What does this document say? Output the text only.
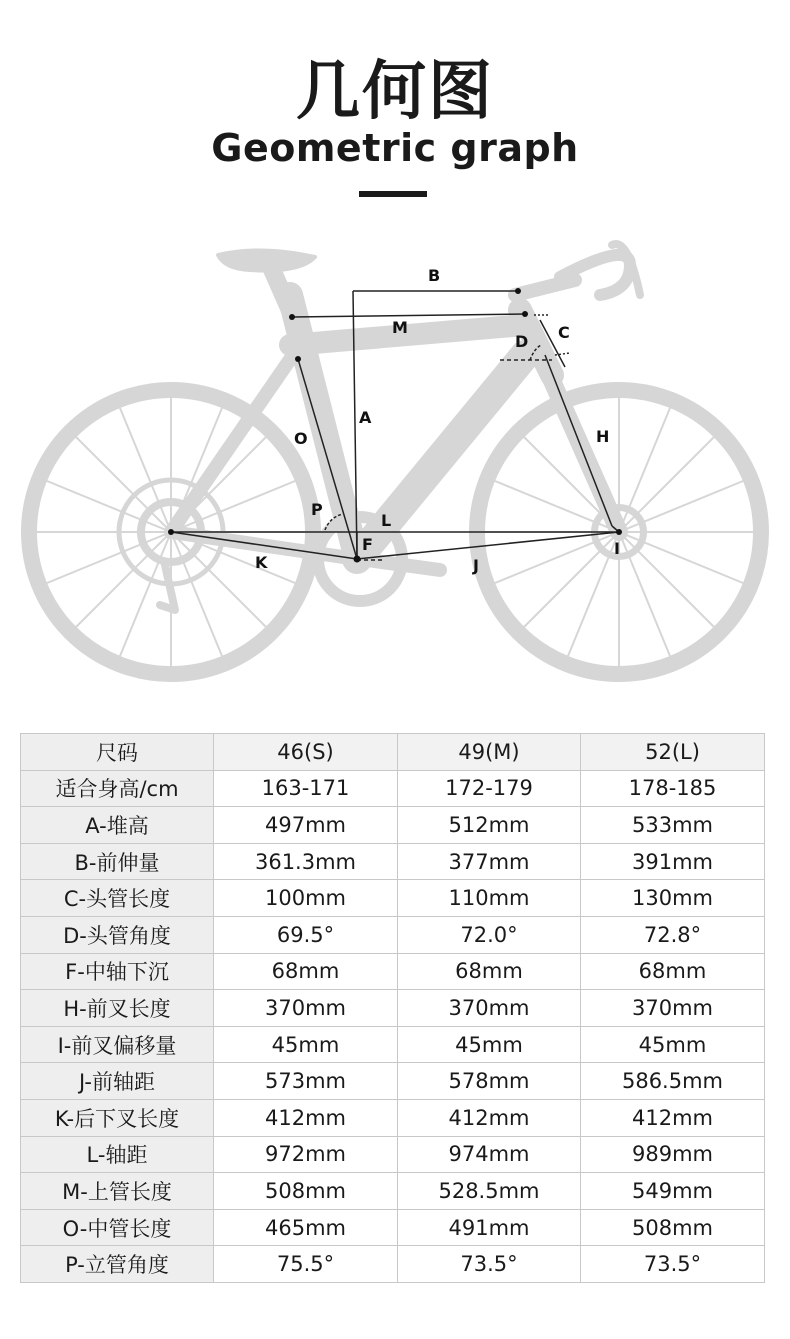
几何图
Geometric graph
B
M	C
D
A
H
O
P
L
F	I
K	J
尺码	46(S)	49(M)	52(L)
适合身高/cm	163-171	172-179	178-185
A-堆高	497mm	512mm	533mm
B-前伸量	361.3mm	377mm	391mm
C-头管长度	100mm	110mm	130mm
D-头管角度	69.5°	72.0°	72.8°
F-中轴下沉	68mm	68mm	68mm
H-前叉长度	370mm	370mm	370mm
I-前叉偏移量	45mm	45mm	45mm
J-前轴距	573mm	578mm	586.5mm
K-后下叉长度	412mm	412mm	412mm
L-轴距	972mm	974mm	989mm
M-上管长度	508mm	528.5mm	549mm
O-中管长度	465mm	491mm	508mm
P-立管角度	75.5°	73.5°	73.5°
